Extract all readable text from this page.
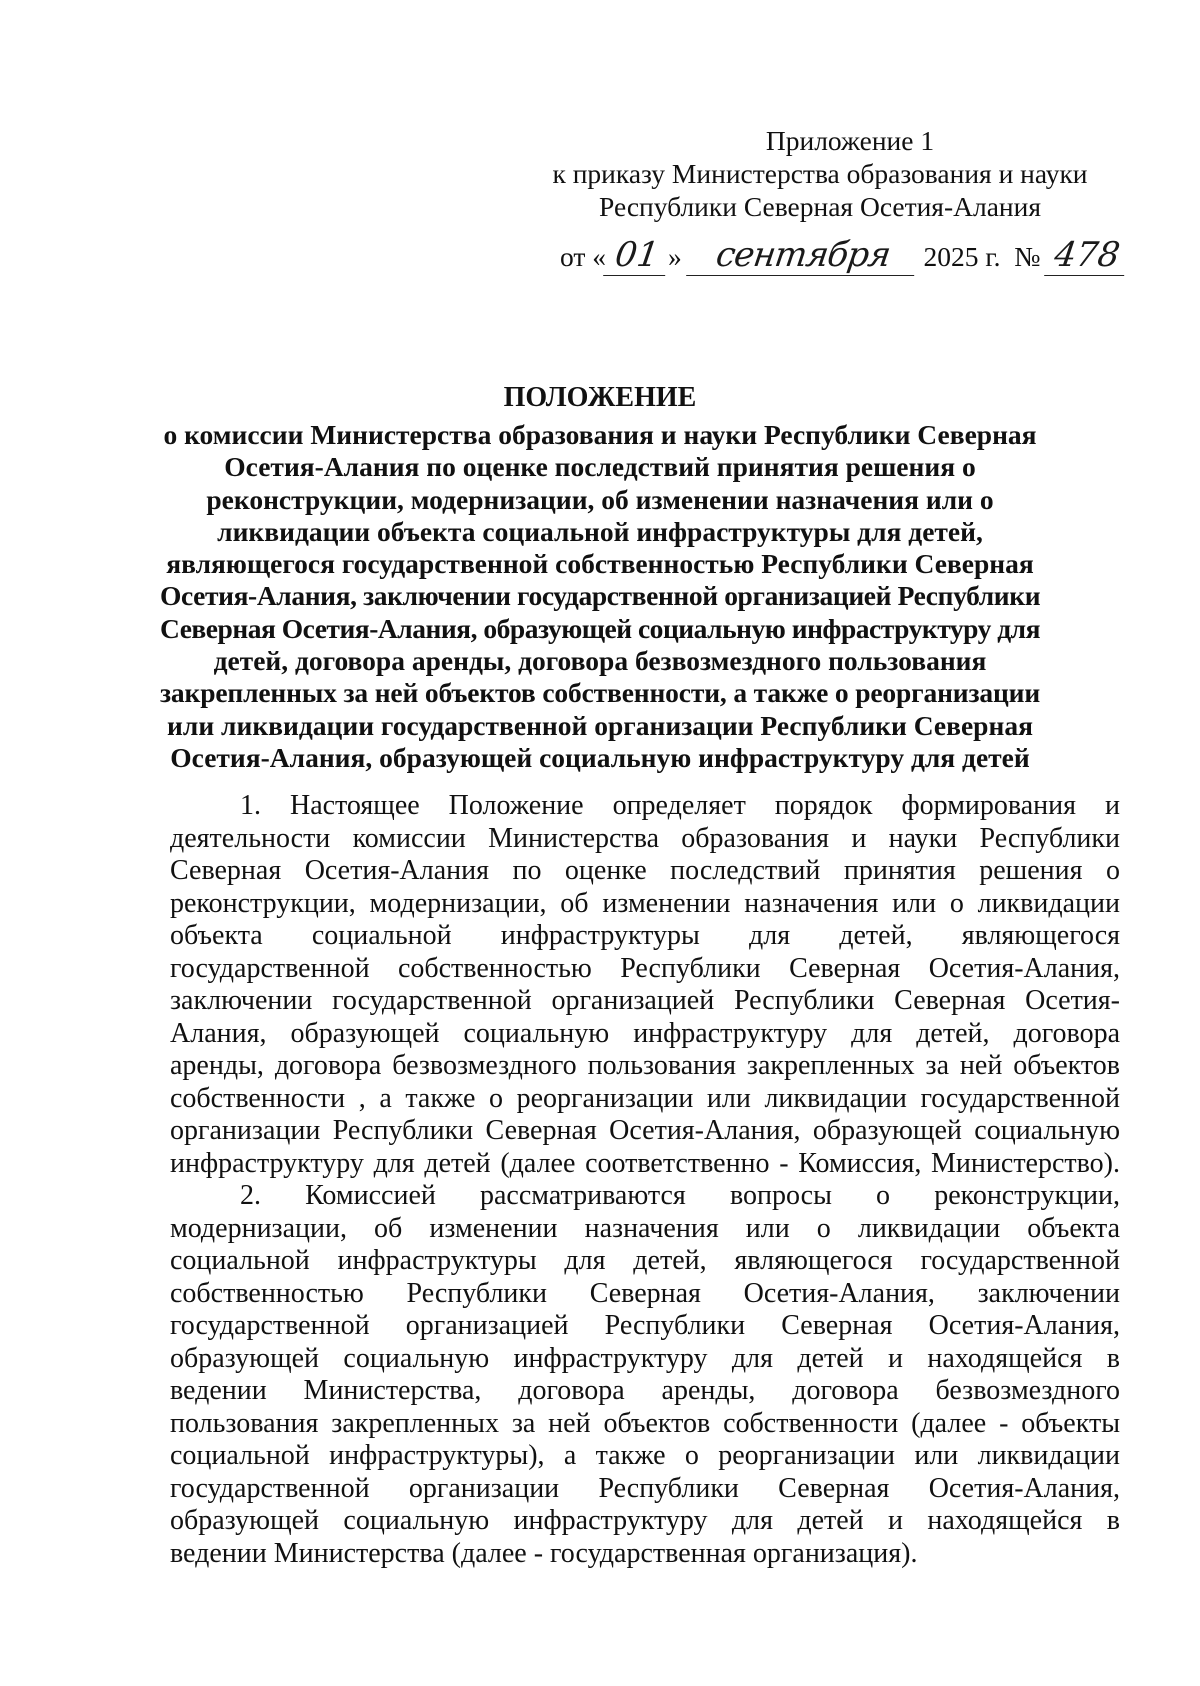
Приложение 1
к приказу Министерства образования и науки
Республики Северная Осетия-Алания
от « 01 » сентября 2025 г. № 478
ПОЛОЖЕНИЕ
о комиссии Министерства образования и науки Республики Северная
Осетия-Алания по оценке последствий принятия решения о
реконструкции, модернизации, об изменении назначения или о
ликвидации объекта социальной инфраструктуры для детей,
являющегося государственной собственностью Республики Северная
Осетия-Алания, заключении государственной организацией Республики
Северная Осетия-Алания, образующей социальную инфраструктуру для
детей, договора аренды, договора безвозмездного пользования
закрепленных за ней объектов собственности, а также о реорганизации
или ликвидации государственной организации Республики Северная
Осетия-Алания, образующей социальную инфраструктуру для детей
1. Настоящее Положение определяет порядок формирования и
деятельности комиссии Министерства образования и науки Республики
Северная Осетия-Алания по оценке последствий принятия решения о
реконструкции, модернизации, об изменении назначения или о ликвидации
объекта социальной инфраструктуры для детей, являющегося
государственной собственностью Республики Северная Осетия-Алания,
заключении государственной организацией Республики Северная Осетия-
Алания, образующей социальную инфраструктуру для детей, договора
аренды, договора безвозмездного пользования закрепленных за ней объектов
собственности , а также о реорганизации или ликвидации государственной
организации Республики Северная Осетия-Алания, образующей социальную
инфраструктуру для детей (далее соответственно - Комиссия, Министерство).
2. Комиссией рассматриваются вопросы о реконструкции,
модернизации, об изменении назначения или о ликвидации объекта
социальной инфраструктуры для детей, являющегося государственной
собственностью Республики Северная Осетия-Алания, заключении
государственной организацией Республики Северная Осетия-Алания,
образующей социальную инфраструктуру для детей и находящейся в
ведении Министерства, договора аренды, договора безвозмездного
пользования закрепленных за ней объектов собственности (далее - объекты
социальной инфраструктуры), а также о реорганизации или ликвидации
государственной организации Республики Северная Осетия-Алания,
образующей социальную инфраструктуру для детей и находящейся в
ведении Министерства (далее - государственная организация).
